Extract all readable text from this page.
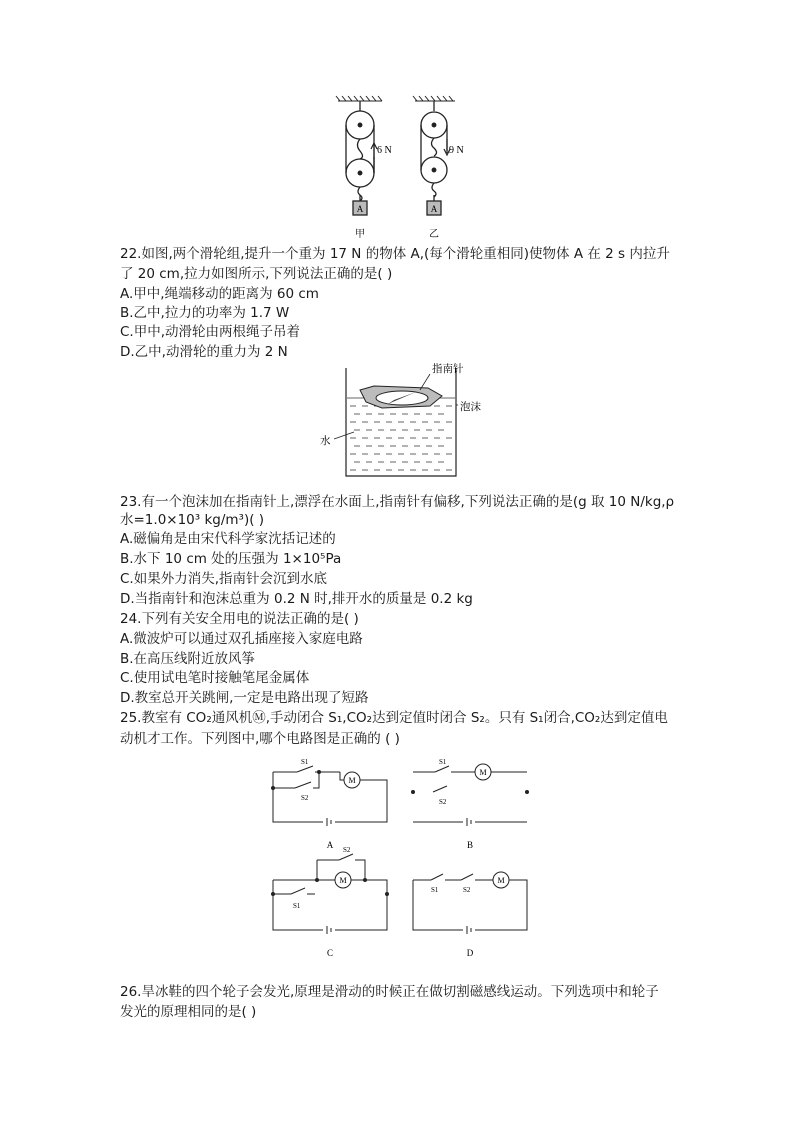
6 N
A
甲
9 N
A
乙
22.如图,两个滑轮组,提升一个重为 17 N 的物体 A,(每个滑轮重相同)使物体 A 在 2 s 内拉升
了 20 cm,拉力如图所示,下列说法正确的是( )
A.甲中,绳端移动的距离为 60 cm
B.乙中,拉力的功率为 1.7 W
C.甲中,动滑轮由两根绳子吊着
D.乙中,动滑轮的重力为 2 N
指南针
泡沫
水
23.有一个泡沫加在指南针上,漂浮在水面上,指南针有偏移,下列说法正确的是(g 取 10 N/kg,ρ
水=1.0×10³ kg/m³)( )
A.磁偏角是由宋代科学家沈括记述的
B.水下 10 cm 处的压强为 1×10⁵Pa
C.如果外力消失,指南针会沉到水底
D.当指南针和泡沫总重为 0.2 N 时,排开水的质量是 0.2 kg
24.下列有关安全用电的说法正确的是( )
A.微波炉可以通过双孔插座接入家庭电路
B.在高压线附近放风筝
C.使用试电笔时接触笔尾金属体
D.教室总开关跳闸,一定是电路出现了短路
25.教室有 CO₂通风机Ⓜ,手动闭合 S₁,CO₂达到定值时闭合 S₂。只有 S₁闭合,CO₂达到定值电
动机才工作。下列图中,哪个电路图是正确的 ( )
M
M
M	M
S1
S2
S1
S2
S2
S1
S1	S2
A	B
C	D
26.旱冰鞋的四个轮子会发光,原理是滑动的时候正在做切割磁感线运动。下列选项中和轮子
发光的原理相同的是( )
